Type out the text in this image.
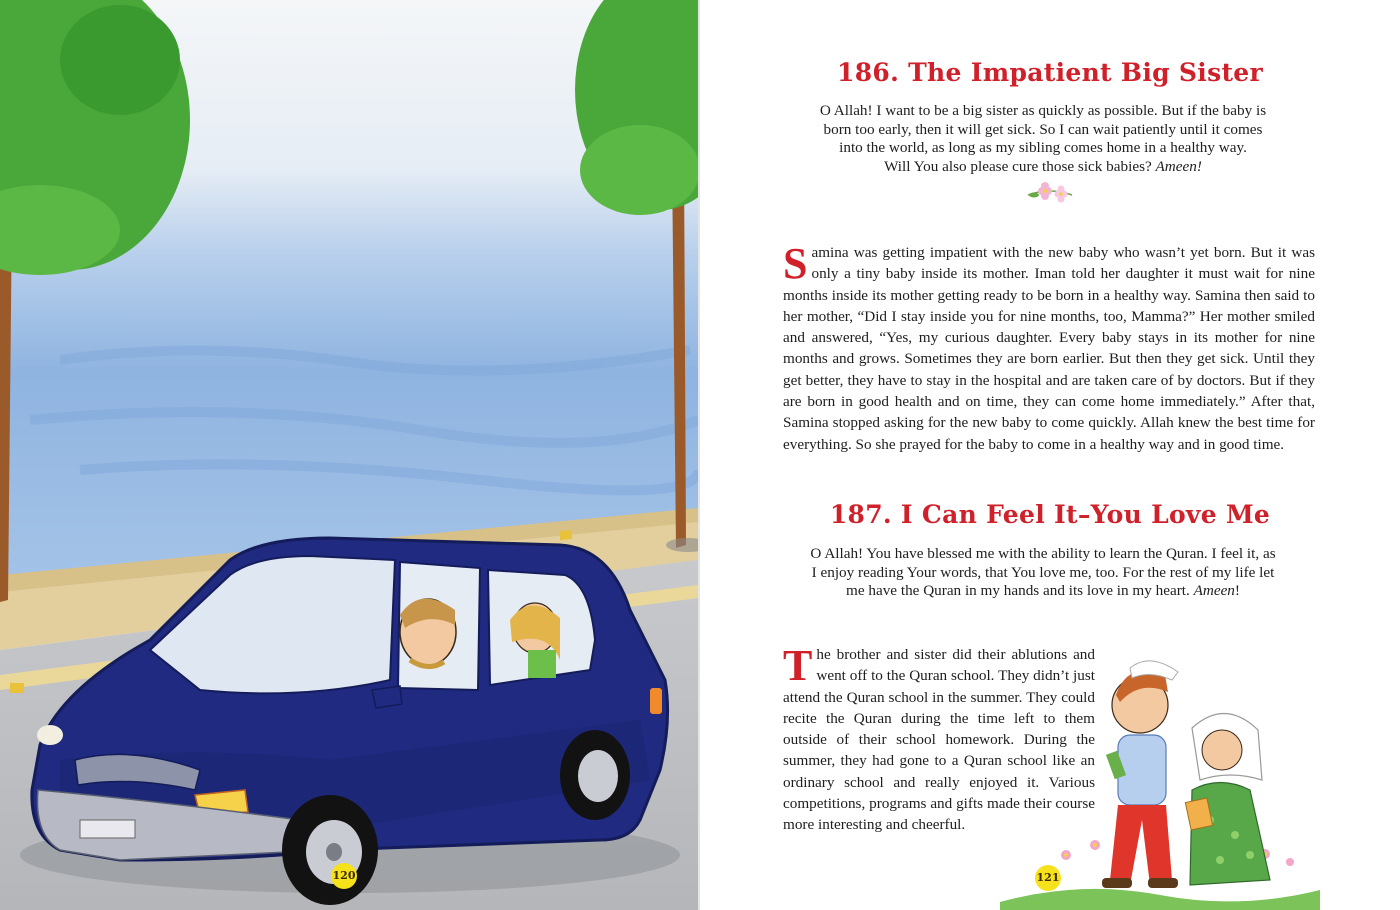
120
186. The Impatient Big Sister

O Allah! I want to be a big sister as quickly as possible. But if the baby is
born too early, then it will get sick. So I can wait patiently until it comes
into the world, as long as my sibling comes home in a healthy way.
Will You also please cure those sick babies? Ameen!

Samina was getting impatient with the new baby who wasn’t yet born. But it was only a tiny baby inside its mother. Iman told her daughter it must wait for nine months inside its mother getting ready to be born in a healthy way. Samina then said to her mother, “Did I stay inside you for nine months, too, Mamma?” Her mother smiled and answered, “Yes, my curious daughter. Every baby stays in its mother for nine months and grows. Sometimes they are born earlier. But then they get sick. Until they get better, they have to stay in the hospital and are taken care of by doctors. But if they are born in good health and on time, they can come home immediately.” After that, Samina stopped asking for the new baby to come quickly. Allah knew the best time for everything. So she prayed for the baby to come in a healthy way and in good time.

187. I Can Feel It–You Love Me

O Allah! You have blessed me with the ability to learn the Quran. I feel it, as
I enjoy reading Your words, that You love me, too. For the rest of my life let
me have the Quran in my hands and its love in my heart. Ameen!

The brother and sister did their ablutions and went off to the Quran school. They didn’t just attend the Quran school in the summer. They could recite the Quran during the time left to them outside of their school homework. During the summer, they had gone to a Quran school like an ordinary school and really enjoyed it. Various competitions, programs and gifts made their course more interesting and cheerful.

121
